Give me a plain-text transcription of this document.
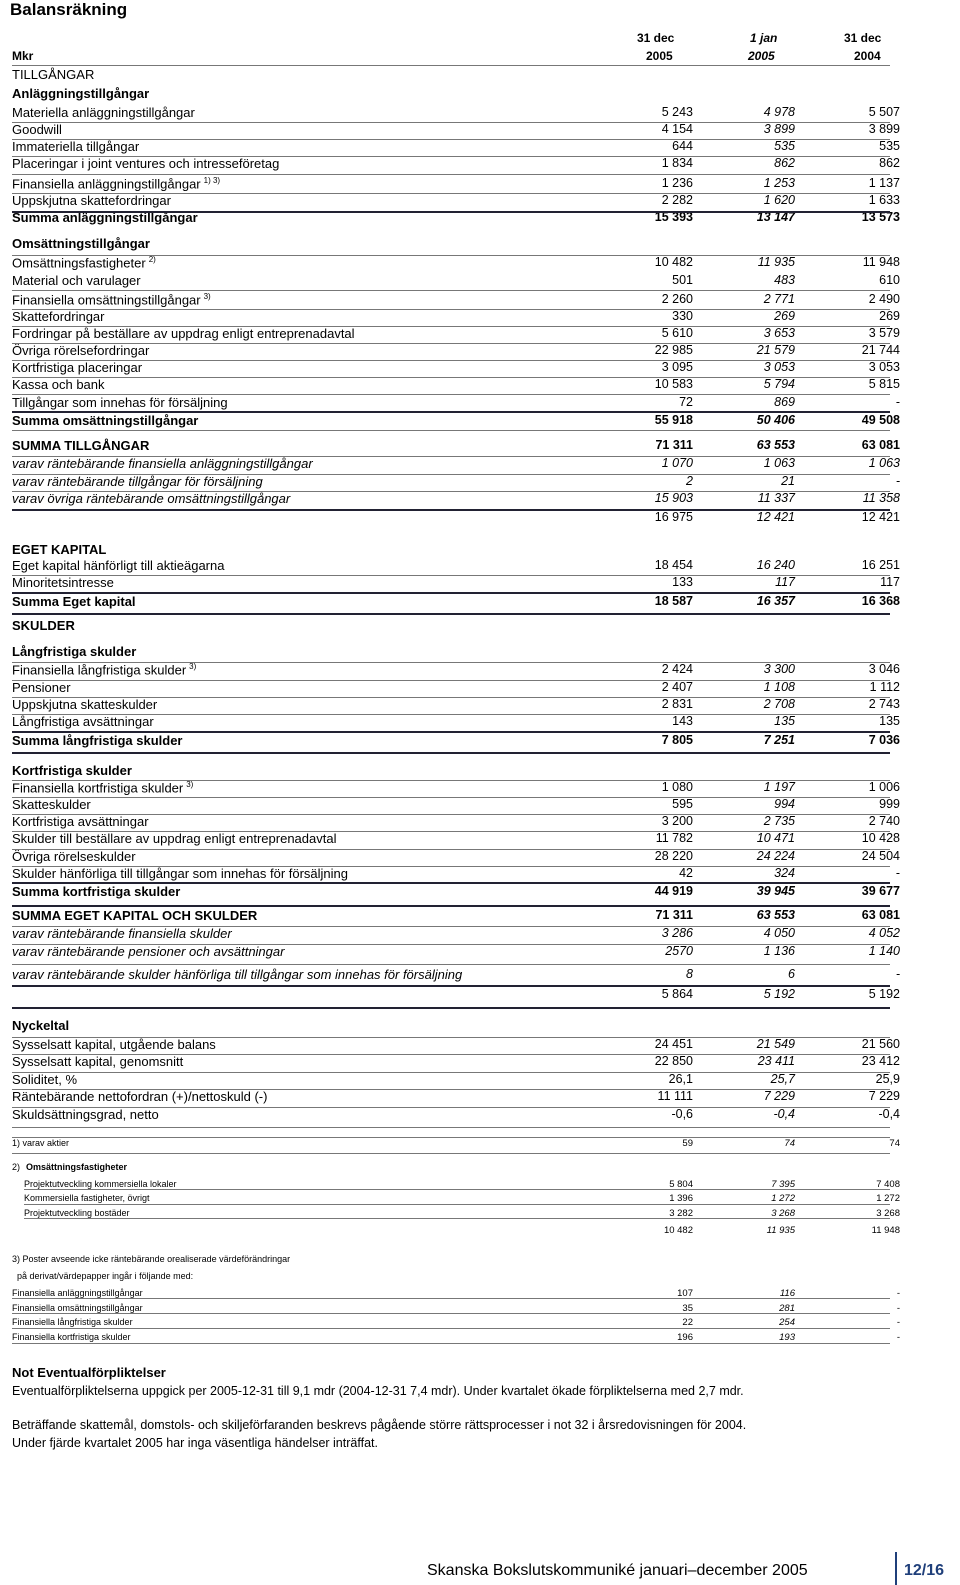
Balansräkning
31 dec	1 jan	31 dec
Mkr	2005	2005	2004
TILLGÅNGAR
Anläggningstillgångar
Omsättningstillgångar
EGET KAPITAL
SKULDER
Långfristiga skulder
Kortfristiga skulder
Nyckeltal
Materiella anläggningstillgångar	5 243	4 978	5 507
Goodwill	4 154	3 899	3 899
Immateriella tillgångar	644	535	535
Placeringar i joint ventures och intresseföretag	1 834	862	862
Finansiella anläggningstillgångar $^{1) 3)}$	1 236	1 253	1 137
Uppskjutna skattefordringar	2 282	1 620	1 633
Summa anläggningstillgångar	15 393	13 147	13 573
Omsättningsfastigheter $^{2)}$	10 482	11 935	11 948
Material och varulager	501	483	610
Finansiella omsättningstillgångar $^{3)}$	2 260	2 771	2 490
Skattefordringar	330	269	269
Fordringar på beställare av uppdrag enligt entreprenadavtal	5 610	3 653	3 579
Övriga rörelsefordringar	22 985	21 579	21 744
Kortfristiga placeringar	3 095	3 053	3 053
Kassa och bank	10 583	5 794	5 815
Tillgångar som innehas för försäljning	72	869	-
Summa omsättningstillgångar	55 918	50 406	49 508
SUMMA TILLGÅNGAR	71 311	63 553	63 081
varav räntebärande finansiella anläggningstillgångar	1 070	1 063	1 063
varav räntebärande tillgångar för försäljning	2	21	-
varav övriga räntebärande omsättningstillgångar	15 903	11 337	11 358
16 975	12 421	12 421
Eget kapital hänförligt till aktieägarna	18 454	16 240	16 251
Minoritetsintresse	133	117	117
Summa Eget kapital	18 587	16 357	16 368
Finansiella långfristiga skulder $^{3)}$	2 424	3 300	3 046
Pensioner	2 407	1 108	1 112
Uppskjutna skatteskulder	2 831	2 708	2 743
Långfristiga avsättningar	143	135	135
Summa långfristiga skulder	7 805	7 251	7 036
Finansiella kortfristiga skulder $^{3)}$	1 080	1 197	1 006
Skatteskulder	595	994	999
Kortfristiga avsättningar	3 200	2 735	2 740
Skulder till beställare av uppdrag enligt entreprenadavtal	11 782	10 471	10 428
Övriga rörelseskulder	28 220	24 224	24 504
Skulder hänförliga till tillgångar som innehas för försäljning	42	324	-
Summa kortfristiga skulder	44 919	39 945	39 677
SUMMA EGET KAPITAL OCH SKULDER	71 311	63 553	63 081
varav räntebärande finansiella skulder	3 286	4 050	4 052
varav räntebärande pensioner och avsättningar	2570	1 136	1 140
varav räntebärande skulder hänförliga till tillgångar som innehas för försäljning	8	6	-
5 864	5 192	5 192
Sysselsatt kapital, utgående balans	24 451	21 549	21 560
Sysselsatt kapital, genomsnitt	22 850	23 411	23 412
Soliditet, %	26,1	25,7	25,9
Räntebärande nettofordran (+)/nettoskuld (-)	11 111	7 229	7 229
Skuldsättningsgrad, netto	-0,6	-0,4	-0,4
1) varav aktier	59	74	74
2) Omsättningsfastigheter
Projektutveckling kommersiella lokaler	5 804	7 395	7 408
Kommersiella fastigheter, övrigt	1 396	1 272	1 272
Projektutveckling bostäder	3 282	3 268	3 268
10 482	11 935	11 948
3) Poster avseende icke räntebärande orealiserade värdeförändringar
på derivat/värdepapper ingår i följande med:
Finansiella anläggningstillgångar	107	116	-
Finansiella omsättningstillgångar	35	281	-
Finansiella långfristiga skulder	22	254	-
Finansiella kortfristiga skulder	196	193	-
Not Eventualförpliktelser
Eventualförpliktelserna uppgick per 2005-12-31 till 9,1 mdr (2004-12-31 7,4 mdr). Under kvartalet ökade förpliktelserna med 2,7 mdr.
Beträffande skattemål, domstols- och skiljeförfaranden beskrevs pågående större rättsprocesser i not 32 i årsredovisningen för 2004.
Under fjärde kvartalet 2005 har inga väsentliga händelser inträffat.
Skanska Bokslutskommuniké januari–december 2005	12/16
